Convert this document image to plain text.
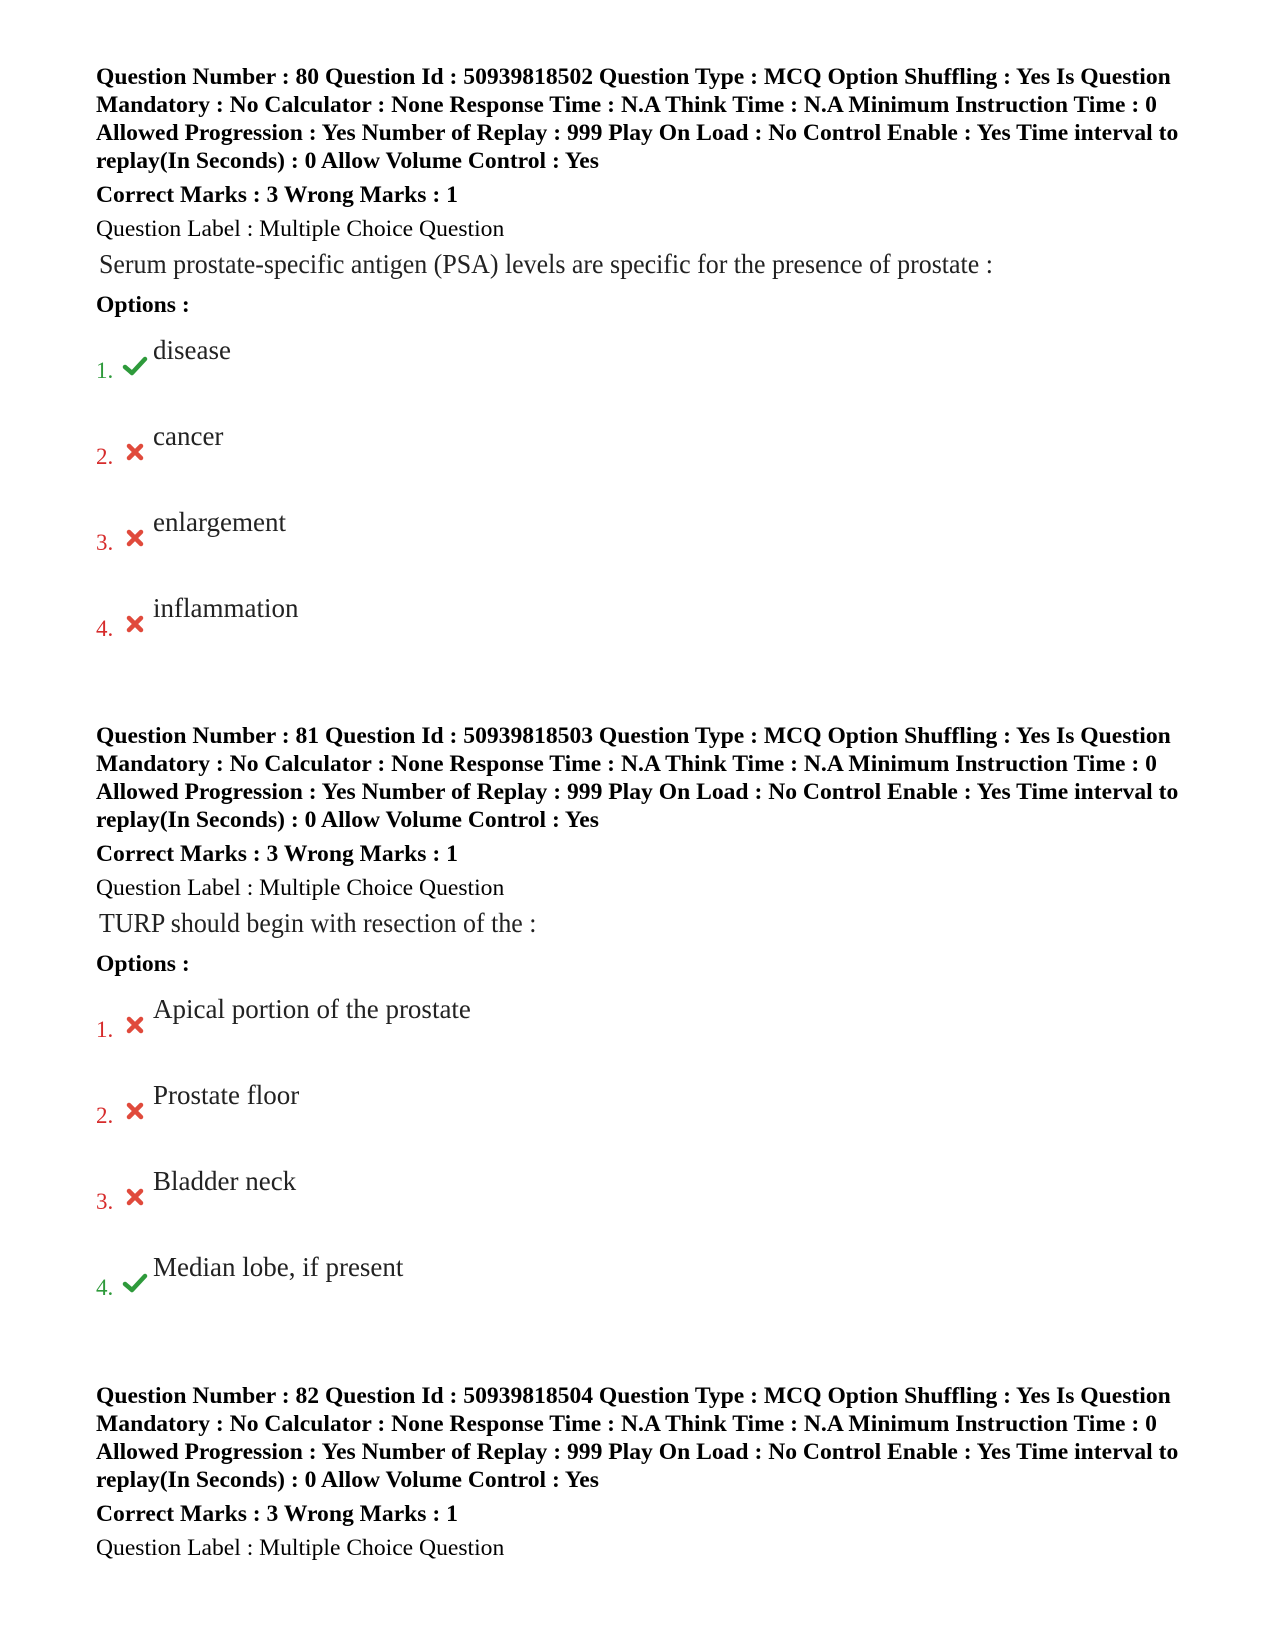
Question Number : 80 Question Id : 50939818502 Question Type : MCQ Option Shuffling : Yes Is Question Mandatory : No Calculator : None Response Time : N.A Think Time : N.A Minimum Instruction Time : 0 Allowed Progression : Yes Number of Replay : 999 Play On Load : No Control Enable : Yes Time interval to replay(In Seconds) : 0 Allow Volume Control : Yes

Correct Marks : 3 Wrong Marks : 1

Question Label : Multiple Choice Question

Serum prostate-specific antigen (PSA) levels are specific for the presence of prostate :

Options :

1.
disease
2.
cancer
3.
enlargement
4.
inflammation

Question Number : 81 Question Id : 50939818503 Question Type : MCQ Option Shuffling : Yes Is Question Mandatory : No Calculator : None Response Time : N.A Think Time : N.A Minimum Instruction Time : 0 Allowed Progression : Yes Number of Replay : 999 Play On Load : No Control Enable : Yes Time interval to replay(In Seconds) : 0 Allow Volume Control : Yes

Correct Marks : 3 Wrong Marks : 1

Question Label : Multiple Choice Question

TURP should begin with resection of the :

Options :

1.
Apical portion of the prostate
2.
Prostate floor
3.
Bladder neck
4.
Median lobe, if present

Question Number : 82 Question Id : 50939818504 Question Type : MCQ Option Shuffling : Yes Is Question Mandatory : No Calculator : None Response Time : N.A Think Time : N.A Minimum Instruction Time : 0 Allowed Progression : Yes Number of Replay : 999 Play On Load : No Control Enable : Yes Time interval to replay(In Seconds) : 0 Allow Volume Control : Yes

Correct Marks : 3 Wrong Marks : 1

Question Label : Multiple Choice Question
